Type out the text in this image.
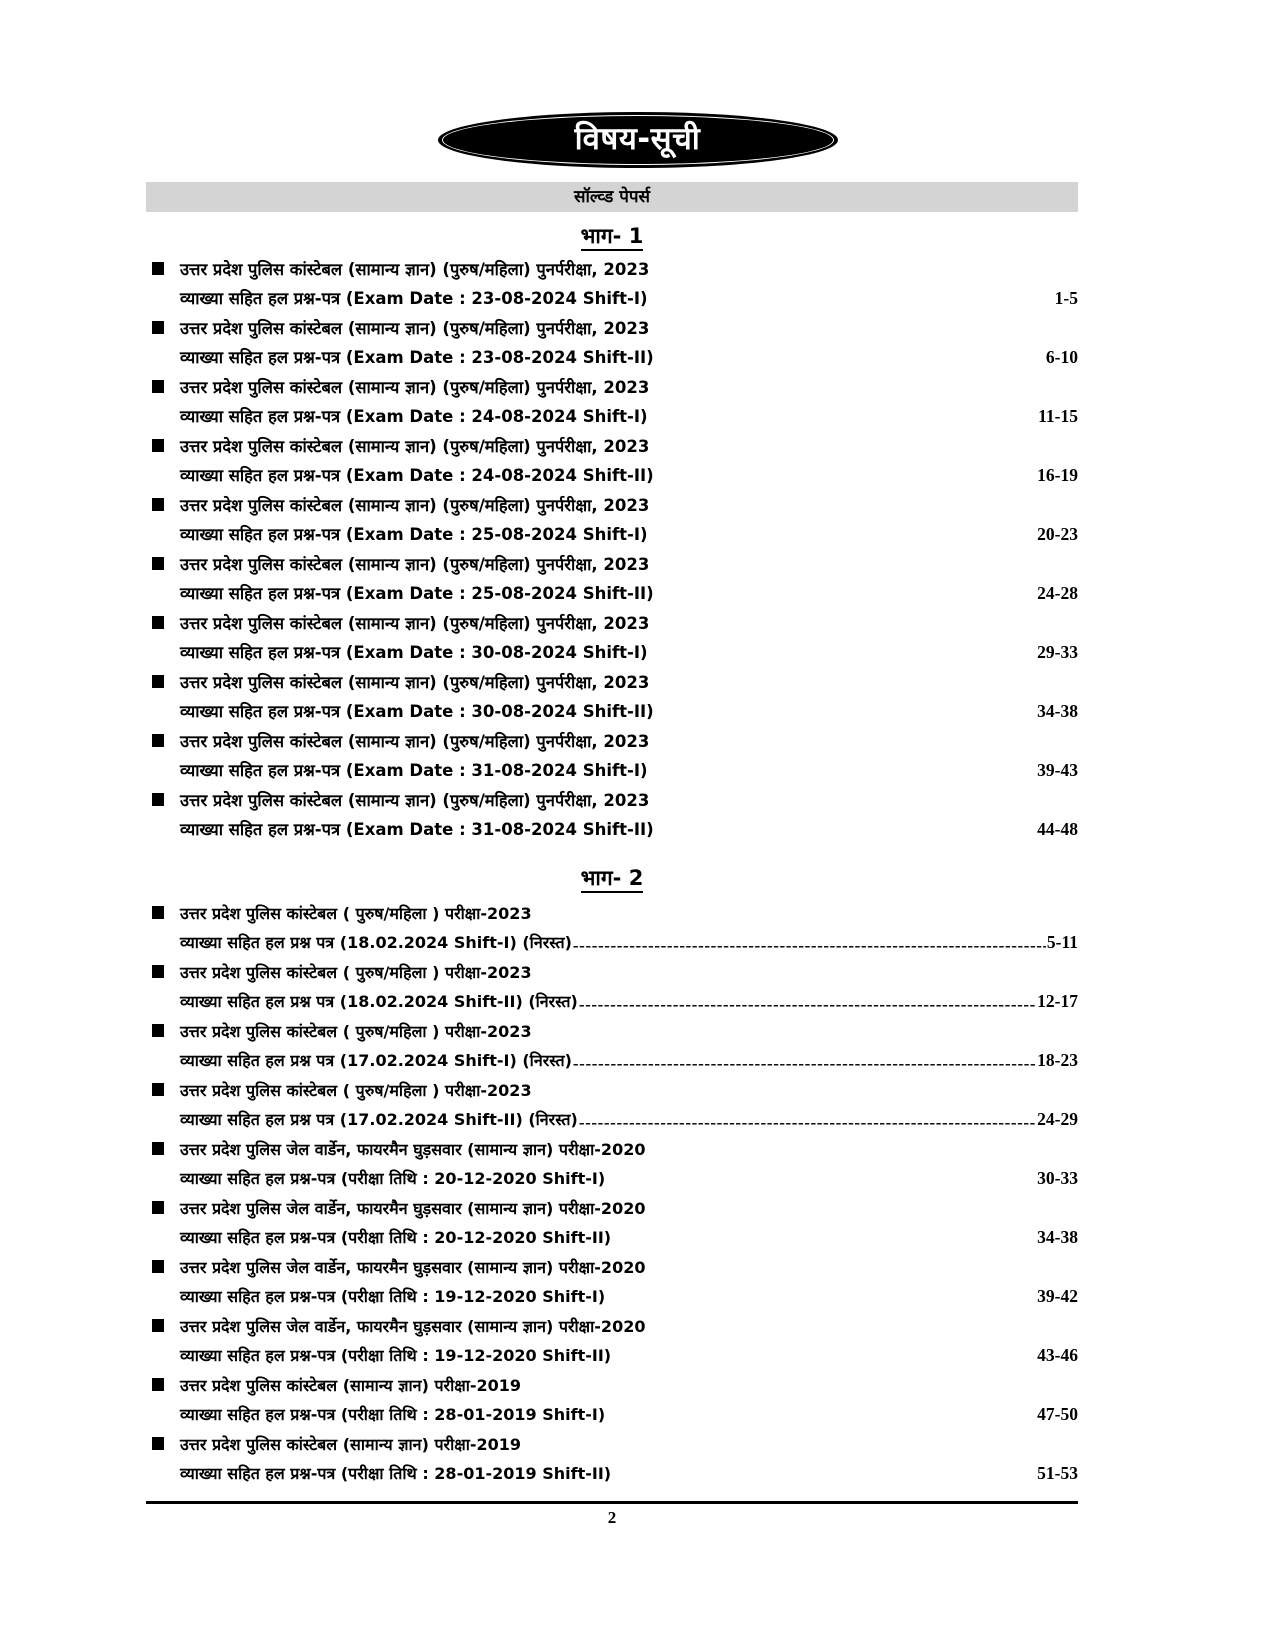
विषय-सूची
सॉल्व्ड पेपर्स
भाग- 1
उत्तर प्रदेश पुलिस कांस्टेबल (सामान्य ज्ञान) (पुरुष/महिला) पुनर्परीक्षा, 2023
व्याख्या सहित हल प्रश्न-पत्र (Exam Date : 23-08-2024 Shift-I) .....	1-5
उत्तर प्रदेश पुलिस कांस्टेबल (सामान्य ज्ञान) (पुरुष/महिला) पुनर्परीक्षा, 2023
व्याख्या सहित हल प्रश्न-पत्र (Exam Date : 23-08-2024 Shift-II) .....	6-10
उत्तर प्रदेश पुलिस कांस्टेबल (सामान्य ज्ञान) (पुरुष/महिला) पुनर्परीक्षा, 2023
व्याख्या सहित हल प्रश्न-पत्र (Exam Date : 24-08-2024 Shift-I) .....	11-15
उत्तर प्रदेश पुलिस कांस्टेबल (सामान्य ज्ञान) (पुरुष/महिला) पुनर्परीक्षा, 2023
व्याख्या सहित हल प्रश्न-पत्र (Exam Date : 24-08-2024 Shift-II) .....	16-19
उत्तर प्रदेश पुलिस कांस्टेबल (सामान्य ज्ञान) (पुरुष/महिला) पुनर्परीक्षा, 2023
व्याख्या सहित हल प्रश्न-पत्र (Exam Date : 25-08-2024 Shift-I) .....	20-23
उत्तर प्रदेश पुलिस कांस्टेबल (सामान्य ज्ञान) (पुरुष/महिला) पुनर्परीक्षा, 2023
व्याख्या सहित हल प्रश्न-पत्र (Exam Date : 25-08-2024 Shift-II) .....	24-28
उत्तर प्रदेश पुलिस कांस्टेबल (सामान्य ज्ञान) (पुरुष/महिला) पुनर्परीक्षा, 2023
व्याख्या सहित हल प्रश्न-पत्र (Exam Date : 30-08-2024 Shift-I) .....	29-33
उत्तर प्रदेश पुलिस कांस्टेबल (सामान्य ज्ञान) (पुरुष/महिला) पुनर्परीक्षा, 2023
व्याख्या सहित हल प्रश्न-पत्र (Exam Date : 30-08-2024 Shift-II) .....	34-38
उत्तर प्रदेश पुलिस कांस्टेबल (सामान्य ज्ञान) (पुरुष/महिला) पुनर्परीक्षा, 2023
व्याख्या सहित हल प्रश्न-पत्र (Exam Date : 31-08-2024 Shift-I) .....	39-43
उत्तर प्रदेश पुलिस कांस्टेबल (सामान्य ज्ञान) (पुरुष/महिला) पुनर्परीक्षा, 2023
व्याख्या सहित हल प्रश्न-पत्र (Exam Date : 31-08-2024 Shift-II) .....	44-48
भाग- 2
उत्तर प्रदेश पुलिस कांस्टेबल ( पुरुष/महिला ) परीक्षा-2023
व्याख्या सहित हल प्रश्न पत्र (18.02.2024 Shift-I) (निरस्त) -----	5-11
उत्तर प्रदेश पुलिस कांस्टेबल ( पुरुष/महिला ) परीक्षा-2023
व्याख्या सहित हल प्रश्न पत्र (18.02.2024 Shift-II) (निरस्त) -----	12-17
उत्तर प्रदेश पुलिस कांस्टेबल ( पुरुष/महिला ) परीक्षा-2023
व्याख्या सहित हल प्रश्न पत्र (17.02.2024 Shift-I) (निरस्त) -----	18-23
उत्तर प्रदेश पुलिस कांस्टेबल ( पुरुष/महिला ) परीक्षा-2023
व्याख्या सहित हल प्रश्न पत्र (17.02.2024 Shift-II) (निरस्त) -----	24-29
उत्तर प्रदेश पुलिस जेल वार्डेन, फायरमैन घुड़सवार (सामान्य ज्ञान) परीक्षा-2020
व्याख्या सहित हल प्रश्न-पत्र (परीक्षा तिथि : 20-12-2020 Shift-I) .....	30-33
उत्तर प्रदेश पुलिस जेल वार्डेन, फायरमैन घुड़सवार (सामान्य ज्ञान) परीक्षा-2020
व्याख्या सहित हल प्रश्न-पत्र (परीक्षा तिथि : 20-12-2020 Shift-II) .....	34-38
उत्तर प्रदेश पुलिस जेल वार्डेन, फायरमैन घुड़सवार (सामान्य ज्ञान) परीक्षा-2020
व्याख्या सहित हल प्रश्न-पत्र (परीक्षा तिथि : 19-12-2020 Shift-I) .....	39-42
उत्तर प्रदेश पुलिस जेल वार्डेन, फायरमैन घुड़सवार (सामान्य ज्ञान) परीक्षा-2020
व्याख्या सहित हल प्रश्न-पत्र (परीक्षा तिथि : 19-12-2020 Shift-II) .....	43-46
उत्तर प्रदेश पुलिस कांस्टेबल (सामान्य ज्ञान) परीक्षा-2019
व्याख्या सहित हल प्रश्न-पत्र (परीक्षा तिथि : 28-01-2019 Shift-I) .....	47-50
उत्तर प्रदेश पुलिस कांस्टेबल (सामान्य ज्ञान) परीक्षा-2019
व्याख्या सहित हल प्रश्न-पत्र (परीक्षा तिथि : 28-01-2019 Shift-II) .....	51-53
2
